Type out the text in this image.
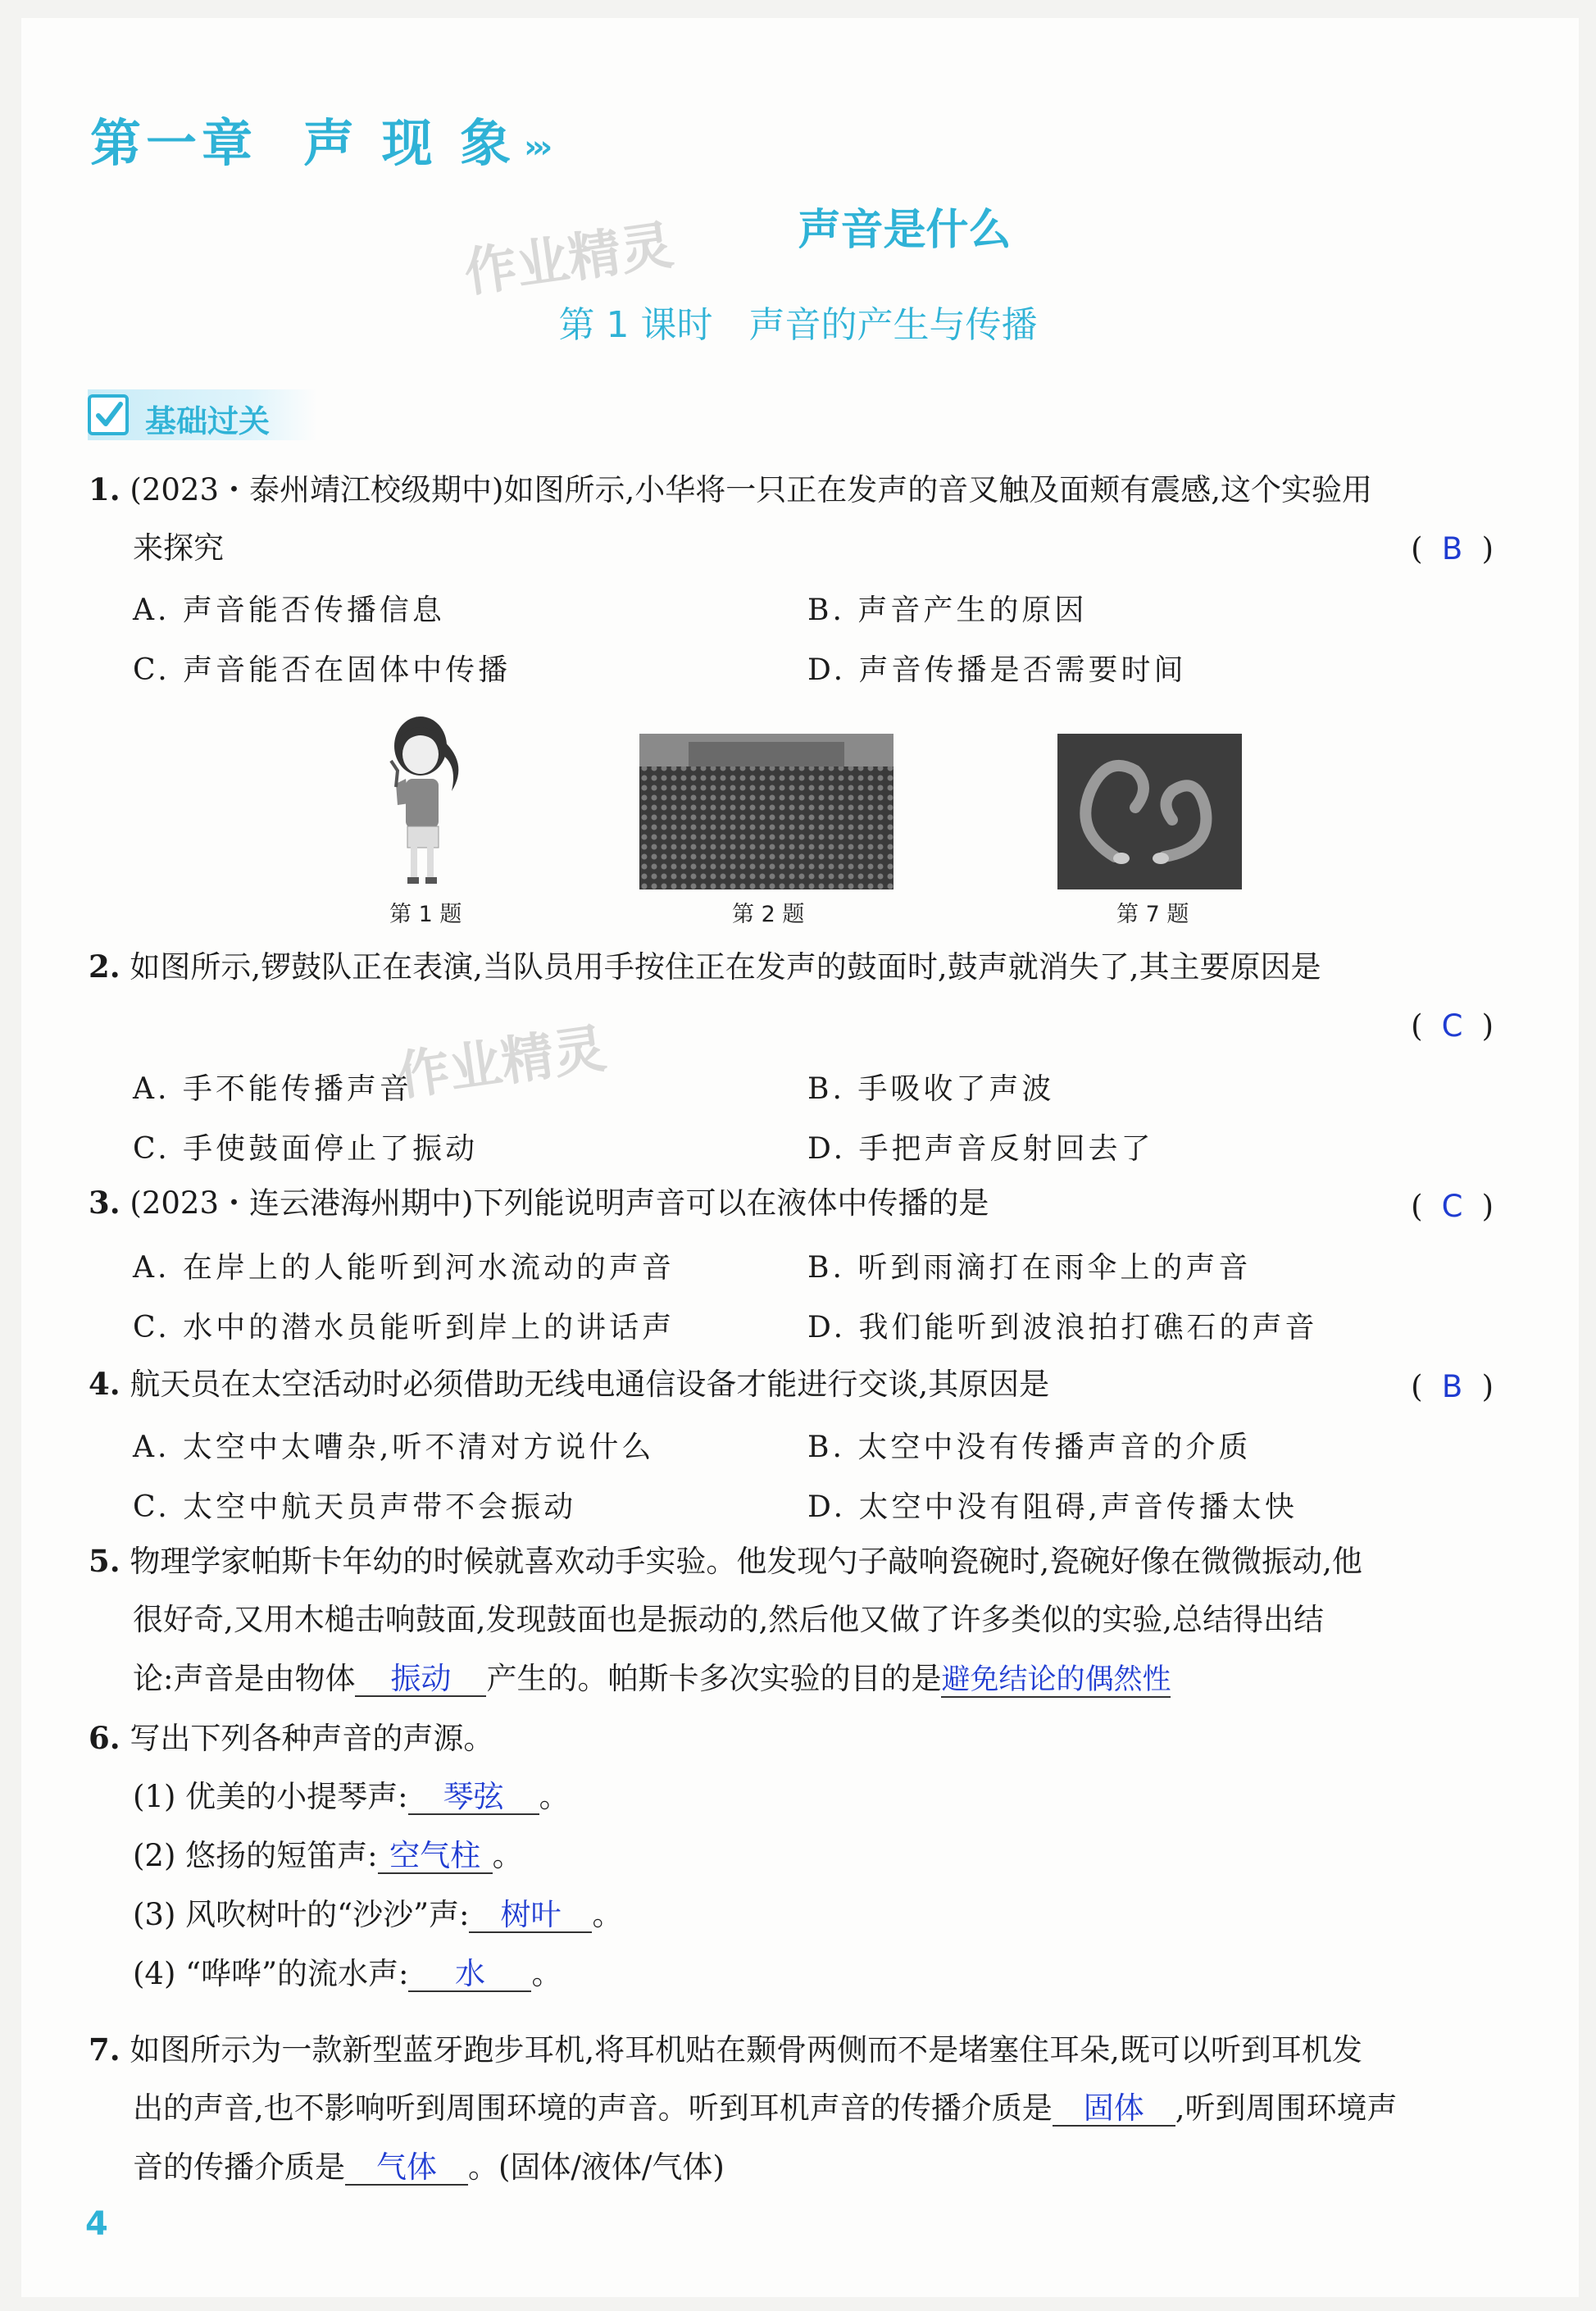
第一章 声 现 象 ›››
声音是什么
第 1 课时　声音的产生与传播
作业精灵
作业精灵
基础过关
1. (2023・泰州靖江校级期中)如图所示,小华将一只正在发声的音叉触及面颊有震感,这个实验用
来探究	( B )
A. 声音能否传播信息	B. 声音产生的原因
C. 声音能否在固体中传播	D. 声音传播是否需要时间
第 1 题	第 2 题	第 7 题
2. 如图所示,锣鼓队正在表演,当队员用手按住正在发声的鼓面时,鼓声就消失了,其主要原因是
( C )
A. 手不能传播声音	B. 手吸收了声波
C. 手使鼓面停止了振动	D. 手把声音反射回去了
3. (2023・连云港海州期中)下列能说明声音可以在液体中传播的是	( C )
A. 在岸上的人能听到河水流动的声音	B. 听到雨滴打在雨伞上的声音
C. 水中的潜水员能听到岸上的讲话声	D. 我们能听到波浪拍打礁石的声音
4. 航天员在太空活动时必须借助无线电通信设备才能进行交谈,其原因是	( B )
A. 太空中太嘈杂,听不清对方说什么	B. 太空中没有传播声音的介质
C. 太空中航天员声带不会振动	D. 太空中没有阻碍,声音传播太快
5. 物理学家帕斯卡年幼的时候就喜欢动手实验。他发现勺子敲响瓷碗时,瓷碗好像在微微振动,他
很好奇,又用木槌击响鼓面,发现鼓面也是振动的,然后他又做了许多类似的实验,总结得出结
论:声音是由物体 振动 产生的。帕斯卡多次实验的目的是避免结论的偶然性
6. 写出下列各种声音的声源。
(1) 优美的小提琴声: 琴弦 。
(2) 悠扬的短笛声: 空气柱 。
(3) 风吹树叶的“沙沙”声: 树叶 。
(4) “哗哗”的流水声: 水 。
7. 如图所示为一款新型蓝牙跑步耳机,将耳机贴在颞骨两侧而不是堵塞住耳朵,既可以听到耳机发
出的声音,也不影响听到周围环境的声音。听到耳机声音的传播介质是 固体 ,听到周围环境声
音的传播介质是 气体 。(固体/液体/气体)
4
